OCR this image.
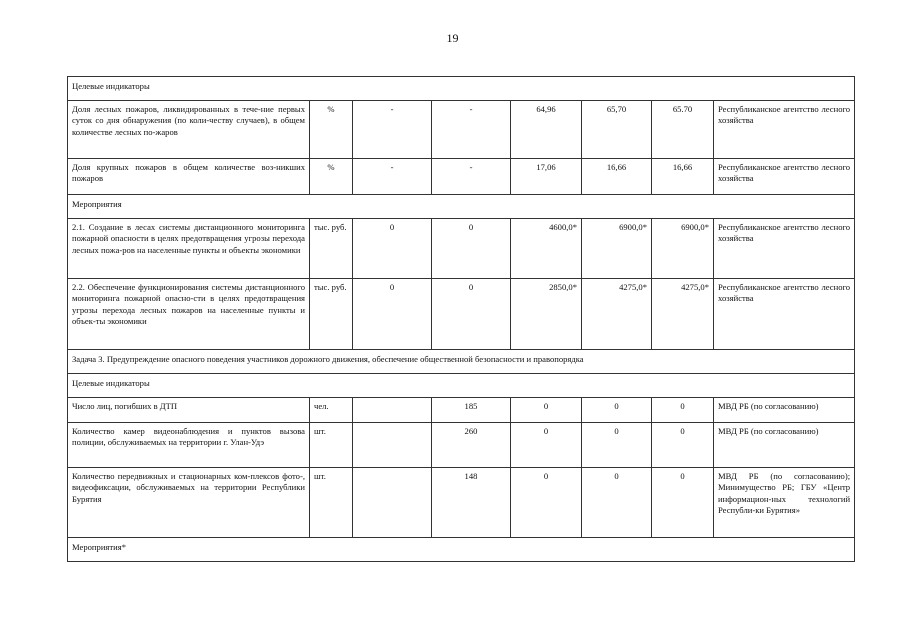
19
Целевые индикаторы							
Доля лесных пожаров, ликвидированных в тече-ние первых суток со дня обнаружения (по коли-честву случаев), в общем количестве лесных по-жаров	%	-	-	64,96	65,70	65.70	Республиканское агентство лесного хозяйства
Доля крупных пожаров в общем количестве воз-никших пожаров	%	-	-	17,06	16,66	16,66	Республиканское агентство лесного хозяйства
Мероприятия							
2.1. Создание в лесах системы дистанционного мониторинга пожарной опасности в целях предотвращения угрозы перехода лесных пожа-ров на населенные пункты и объекты экономики	тыс. руб.	0	0	4600,0*	6900,0*	6900,0*	Республиканское агентство лесного хозяйства
2.2. Обеспечение функционирования системы дистанционного мониторинга пожарной опасно-сти в целях предотвращения угрозы перехода лесных пожаров на населенные пункты и объек-ты экономики	тыс. руб.	0	0	2850,0*	4275,0*	4275,0*	Республиканское агентство лесного хозяйства
Задача 3. Предупреждение опасного поведения участников дорожного движения, обеспечение общественной безопасности и правопорядка							
Целевые индикаторы							
Число лиц, погибших в ДТП	чел.		185	0	0	0	МВД РБ (по согласованию)
Количество камер видеонаблюдения и пунктов вызова полиции, обслуживаемых на территории г. Улан-Удэ	шт.		260	0	0	0	МВД РБ (по согласованию)
Количество передвижных и стационарных ком-плексов фото-, видеофиксации, обслуживаемых на территории Республики Бурятия	шт.		148	0	0	0	МВД РБ (по согласованию); Минимущество РБ; ГБУ «Центр информацион-ных технологий Республи-ки Бурятия»
Мероприятия*							
